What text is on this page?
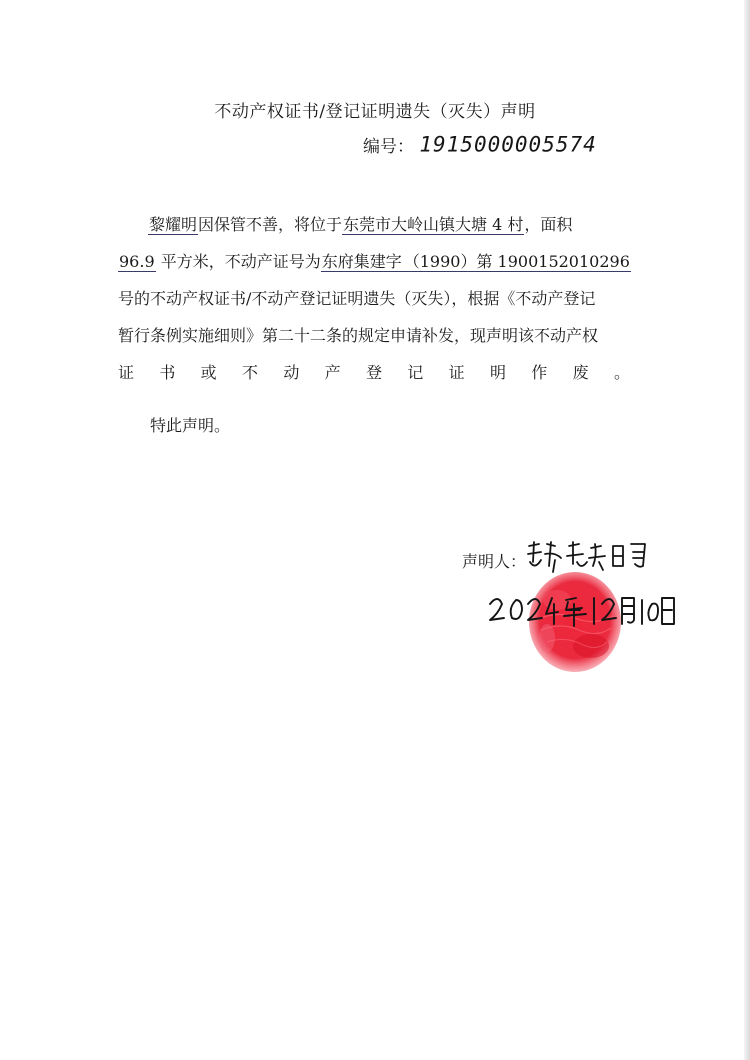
不动产权证书/登记证明遗失（灭失）声明
编号： 1915000005574
黎耀明因保管不善，将位于东莞市大岭山镇大塘 4 村，面积
96.9 平方米，不动产证号为东府集建字 （1990）第 1900152010296
号的不动产权证书/不动产登记证明遗失（灭失），根据《不动产登记
暂行条例实施细则》第二十二条的规定申请补发，现声明该不动产权
证 书 或 不 动 产 登 记 证 明 作 废 。
特此声明。
声明人：
